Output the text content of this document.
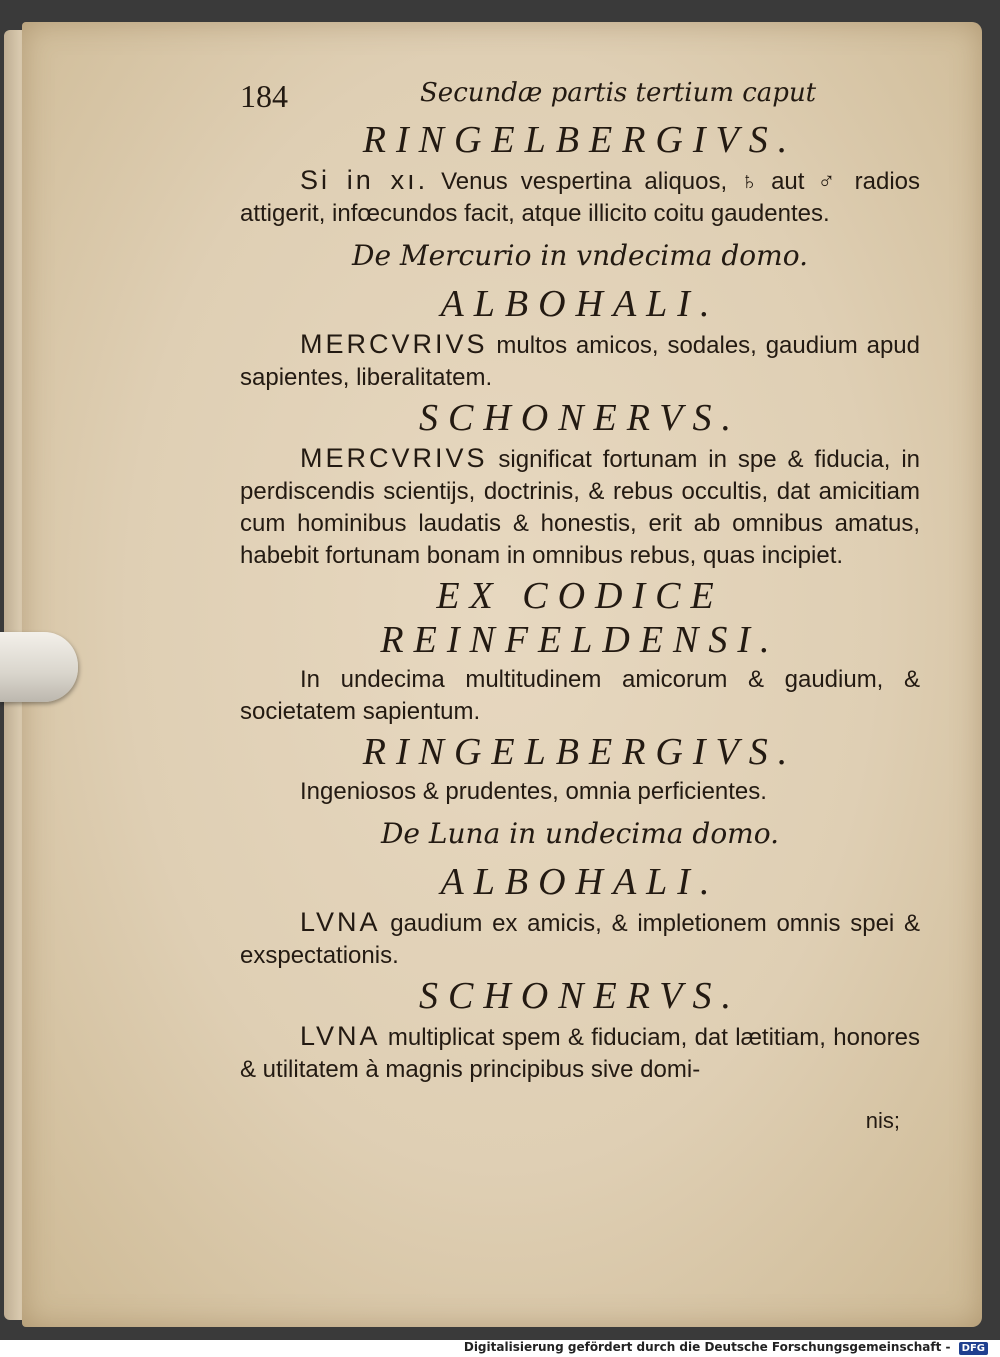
184	Secundæ partis tertium caput
RINGELBERGIVS.

Si in xı. Venus vespertina aliquos, ♄ aut ♂ radios attigerit, infœcundos facit, atque illicito coitu gaudentes.

De Mercurio in vndecima domo.
ALBOHALI.

MERCVRIVS multos amicos, sodales, gaudium apud sapientes, liberalitatem.

SCHONERVS.

MERCVRIVS significat fortunam in spe & fiducia, in perdiscendis scientijs, doctrinis, & rebus occultis, dat amicitiam cum hominibus laudatis & honestis, erit ab omnibus amatus, habebit fortunam bonam in omnibus rebus, quas incipiet.

EX CODICE REINFELDENSI.

In undecima multitudinem amicorum & gaudium, & societatem sapientum.

RINGELBERGIVS.

Ingeniosos & prudentes, omnia perficientes.

De Luna in undecima domo.
ALBOHALI.

LVNA gaudium ex amicis, & impletionem omnis spei & exspectationis.

SCHONERVS.

LVNA multiplicat spem & fiduciam, dat lætitiam, honores & utilitatem à magnis principibus sive domi-

nis;
Digitalisierung gefördert durch die Deutsche Forschungsgemeinschaft - DFG
